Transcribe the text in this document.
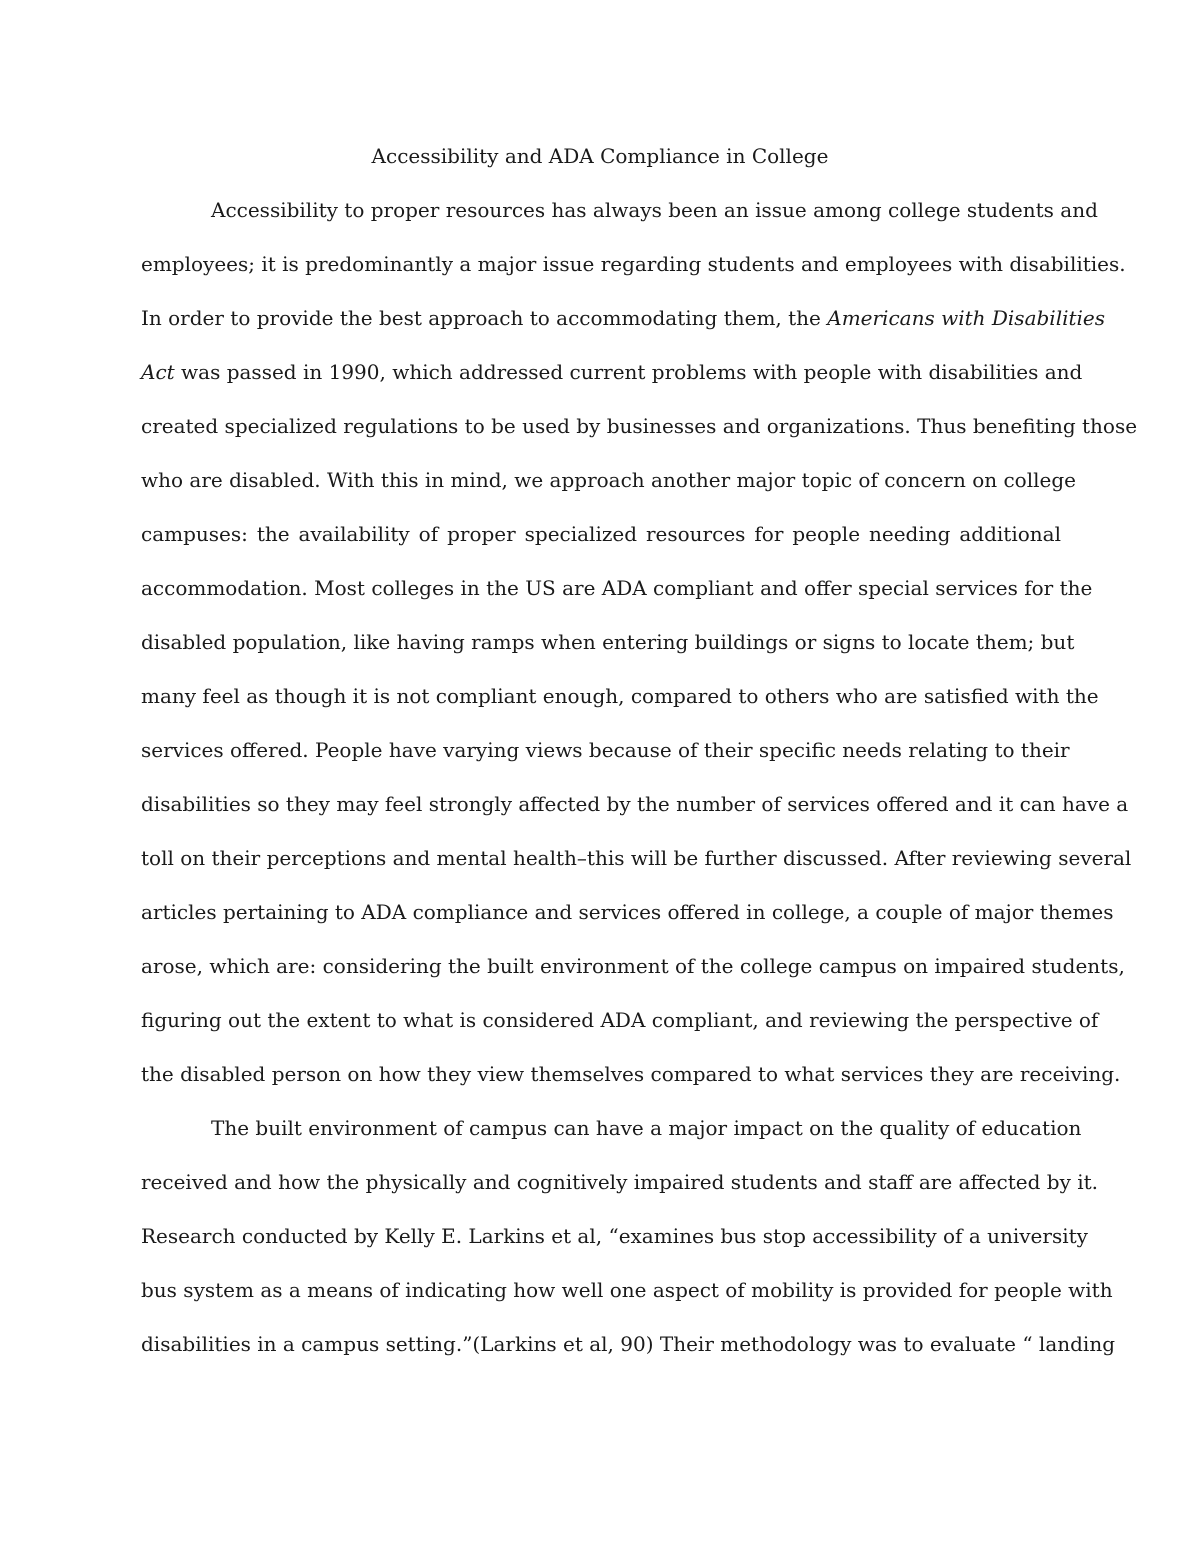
Accessibility and ADA Compliance in College
Accessibility to proper resources has always been an issue among college students and
employees; it is predominantly a major issue regarding students and employees with disabilities.
In order to provide the best approach to accommodating them, the Americans with Disabilities
Act was passed in 1990, which addressed current problems with people with disabilities and
created specialized regulations to be used by businesses and organizations. Thus benefiting those
who are disabled. With this in mind, we approach another major topic of concern on college
campuses: the availability of proper specialized resources for people needing additional
accommodation. Most colleges in the US are ADA compliant and offer special services for the
disabled population, like having ramps when entering buildings or signs to locate them; but
many feel as though it is not compliant enough, compared to others who are satisfied with the
services offered. People have varying views because of their specific needs relating to their
disabilities so they may feel strongly affected by the number of services offered and it can have a
toll on their perceptions and mental health–this will be further discussed. After reviewing several
articles pertaining to ADA compliance and services offered in college, a couple of major themes
arose, which are: considering the built environment of the college campus on impaired students,
figuring out the extent to what is considered ADA compliant, and reviewing the perspective of
the disabled person on how they view themselves compared to what services they are receiving.
The built environment of campus can have a major impact on the quality of education
received and how the physically and cognitively impaired students and staff are affected by it.
Research conducted by Kelly E. Larkins et al, “examines bus stop accessibility of a university
bus system as a means of indicating how well one aspect of mobility is provided for people with
disabilities in a campus setting.”(Larkins et al, 90) Their methodology was to evaluate “ landing
